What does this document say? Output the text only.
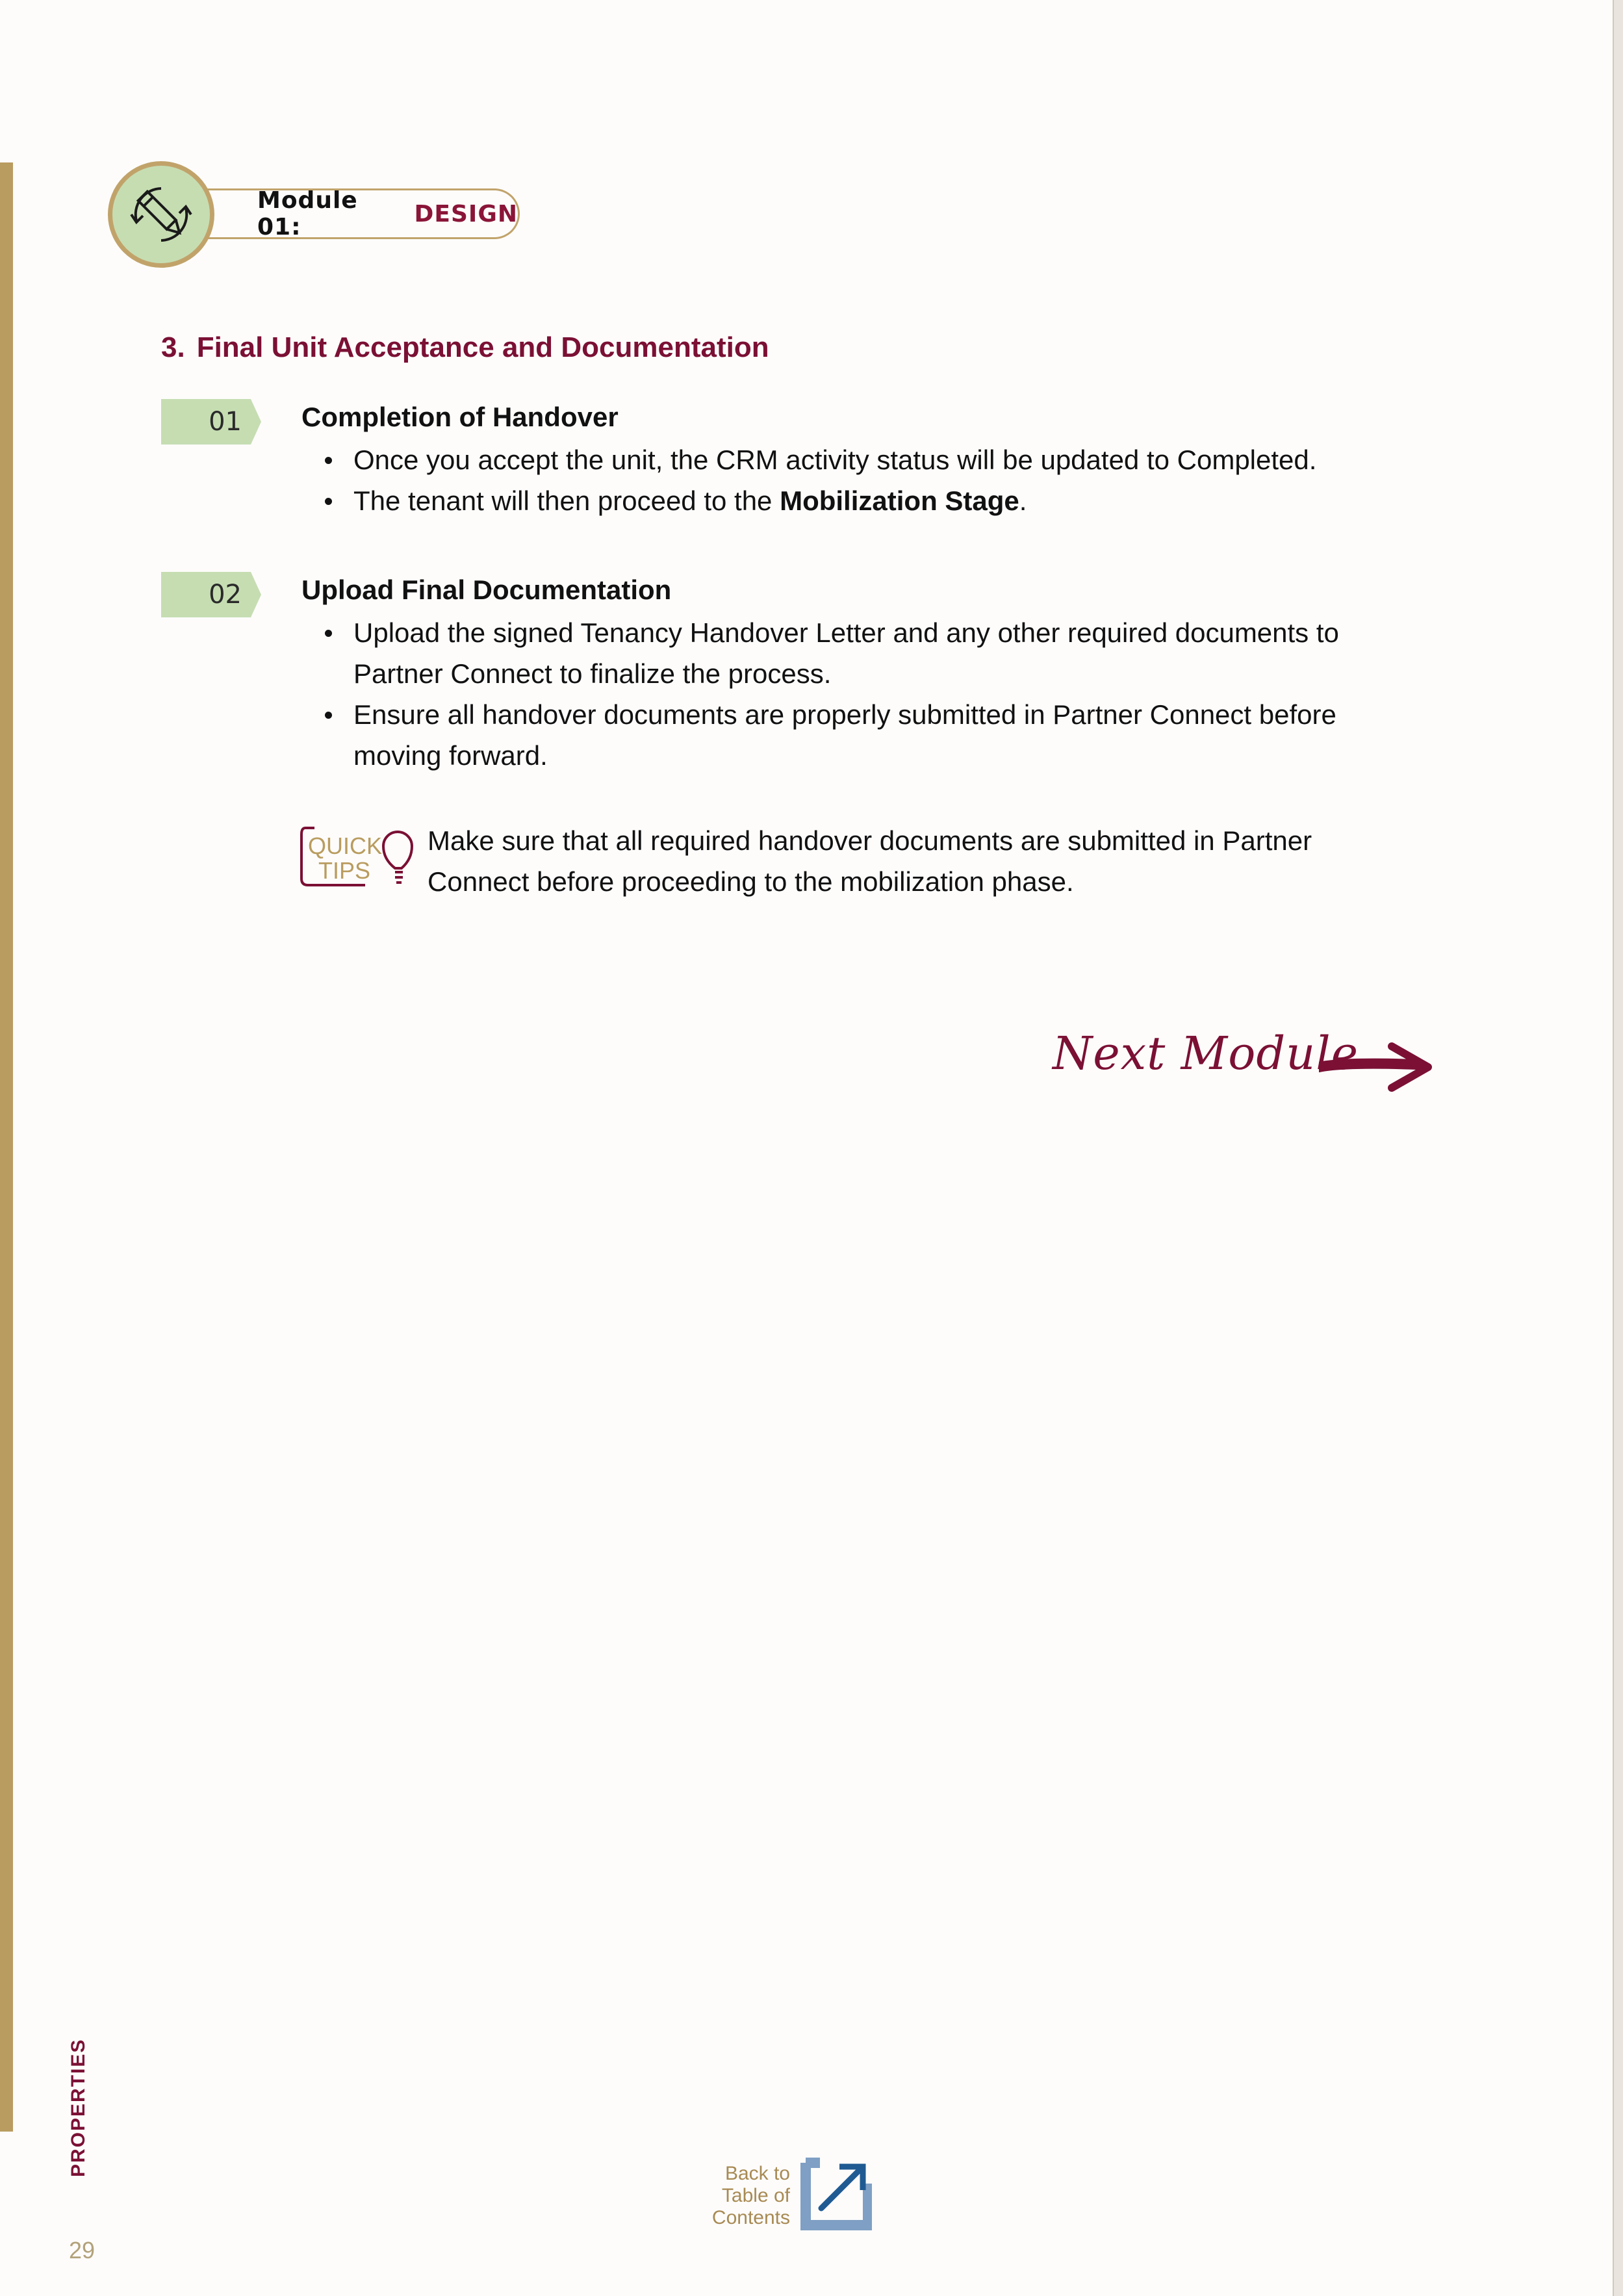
Module 01:	DESIGN
3. Final Unit Acceptance and Documentation
01 Completion of Handover
Once you accept the unit, the CRM activity status will be updated to Completed.
The tenant will then proceed to the Mobilization Stage.
02 Upload Final Documentation
Upload the signed Tenancy Handover Letter and any other required documents to Partner Connect to finalize the process.
Ensure all handover documents are properly submitted in Partner Connect before moving forward.
QUICK
TIPS
Make sure that all required handover documents are submitted in Partner Connect before proceeding to the mobilization phase.
Next Module
PROPERTIES	Back to
Table of
Contents
29
